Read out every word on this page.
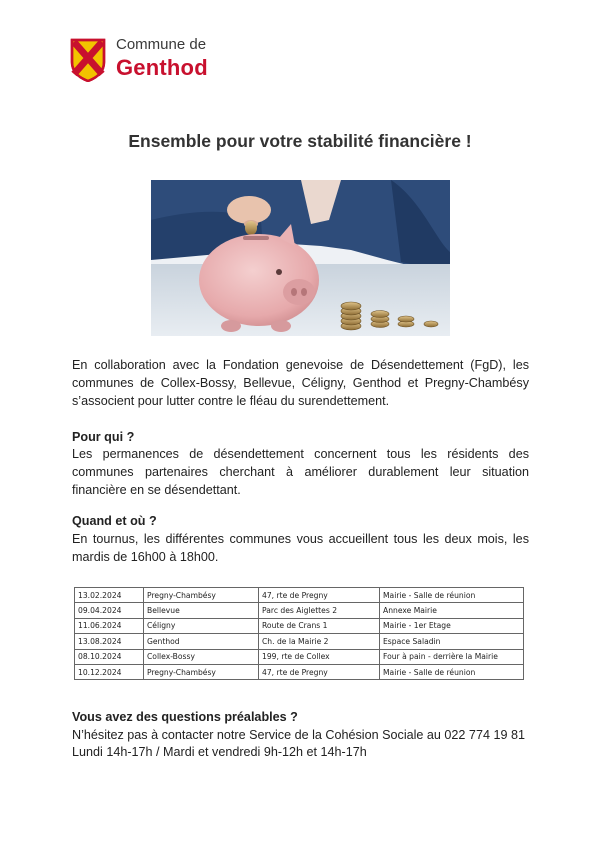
Commune de
Genthod
Ensemble pour votre stabilité financière !
En collaboration avec la Fondation genevoise de Désendettement (FgD), les communes de Collex-Bossy, Bellevue, Céligny, Genthod et Pregny-Chambésy s’associent pour lutter contre le fléau du surendettement.
Pour qui ?
Les permanences de désendettement concernent tous les résidents des communes partenaires cherchant à améliorer durablement leur situation financière en se désendettant.
Quand et où ?
En tournus, les différentes communes vous accueillent tous les deux mois, les mardis de 16h00 à 18h00.
13.02.2024	Pregny-Chambésy	47, rte de Pregny	Mairie - Salle de réunion
09.04.2024	Bellevue	Parc des Aiglettes 2	Annexe Mairie
11.06.2024	Céligny	Route de Crans 1	Mairie - 1er Etage
13.08.2024	Genthod	Ch. de la Mairie 2	Espace Saladin
08.10.2024	Collex-Bossy	199, rte de Collex	Four à pain - derrière la Mairie
10.12.2024	Pregny-Chambésy	47, rte de Pregny	Mairie - Salle de réunion
Vous avez des questions préalables ?
N’hésitez pas à contacter notre Service de la Cohésion Sociale au 022 774 19 81
Lundi 14h-17h / Mardi et vendredi 9h-12h et 14h-17h
